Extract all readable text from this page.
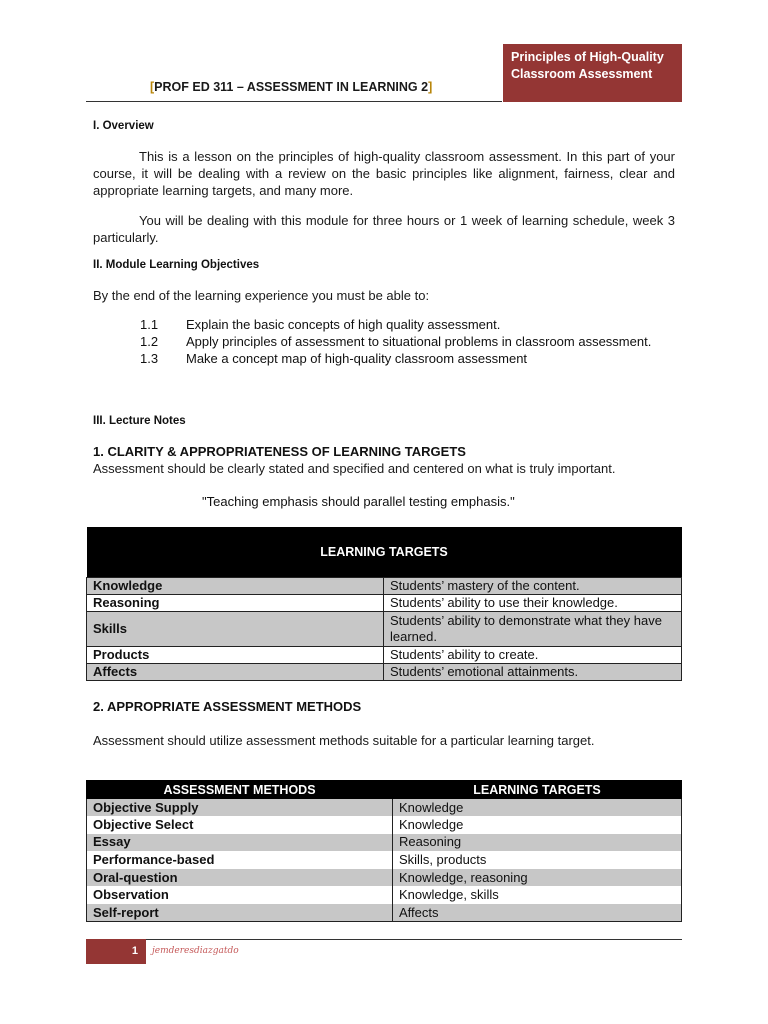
[PROF ED 311 – ASSESSMENT IN LEARNING 2]
Principles of High-Quality Classroom Assessment
I. Overview

This is a lesson on the principles of high-quality classroom assessment. In this part of your course, it will be dealing with a review on the basic principles like alignment, fairness, clear and appropriate learning targets, and many more.

You will be dealing with this module for three hours or 1 week of learning schedule, week 3 particularly.

II. Module Learning Objectives

By the end of the learning experience you must be able to:

1.1	Explain the basic concepts of high quality assessment.
1.2	Apply principles of assessment to situational problems in classroom assessment.
1.3	Make a concept map of high-quality classroom assessment
III. Lecture Notes
1. CLARITY & APPROPRIATENESS OF LEARNING TARGETS

Assessment should be clearly stated and specified and centered on what is truly important.

"Teaching emphasis should parallel testing emphasis."
LEARNING TARGETS	
Knowledge	Students’ mastery of the content.
Reasoning	Students’ ability to use their knowledge.
Skills	Students’ ability to demonstrate what they have learned.
Products	Students’ ability to create.
Affects	Students’ emotional attainments.
2. APPROPRIATE ASSESSMENT METHODS

Assessment should utilize assessment methods suitable for a particular learning target.

ASSESSMENT METHODS	LEARNING TARGETS
Objective Supply	Knowledge
Objective Select	Knowledge
Essay	Reasoning
Performance-based	Skills, products
Oral-question	Knowledge, reasoning
Observation	Knowledge, skills
Self-report	Affects
1	jemderesdiazgatdo
